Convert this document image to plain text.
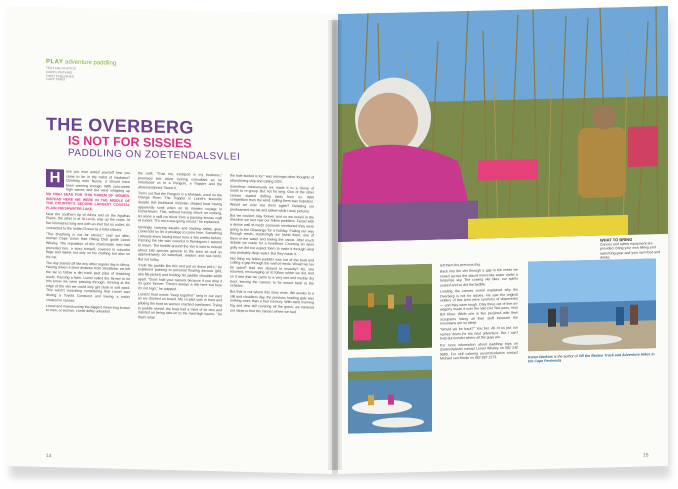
PLAY adventure paddling
TEXT AND PHOTOS
KAREN WATKINS
FIRST PUBLISHED
CAPE TIMES
THE OVERBERG
IS NOT FOR SISSIES
PADDLING ON ZOETENDALSVLEI
H	ave you ever asked yourself how you came to be in the midst of madness? Climbing onto Nyssa: it should have been warning enough. With zero-metre high waves and the wind whipping up

NO HIGH SEAS FOR THIS HAREM OF WOMEN. INSTEAD HERE WE WERE IN THE MIDDLE OF THE COUNTRY'S SECOND LARGEST COASTAL PLAIN FRESHWATER LAKE.

Near the southern tip of Africa and on the Agulhas Plains, the other is at St Lucia, way up the coast. At five kilometres long and with an inlet but no outlet, it's connected to the Indian Ocean by a tidal estuary.

"The Overberg is not for sissies," said our able-woman Cape Union Hart Hiking Club guide Lionel Whaley. The reputation of this charismatic man had preceded him, a story himself, covered in colourful flags and labels not only on his clothing but also on his car.

The day started off like any other regular day in Africa. Having driven a short distance from Struisbaai, we left the tar to follow a dirt track past piles of thatching reeds. Passing a farm, Lionel called the farmer to let him know we were passing through. Arriving at the edge of the vlei we could only get stuck in soft sand. This wasn't surprising considering that Lionel was driving a Toyota Conquest and towing a trailer covered in canoes.

Lionel and manoeuvring the biggest mean-hog known to man, or woman, Lionel deftly unloaded

the craft. "Trust me, transport is my business," promised this driver turning consultant as he introduced us to a Penguin, a Trapper and the aforementioned Titanic II.

Turns out that the Penguin is a Mohawk, used on the Orange River. The Trapper is Lionel's favourite despite this traditional Victorian shaped boat having apparently sunk when on its maiden voyage in Fisherhaven. This, without having struck an iceberg, let alone a spill ice block from a passing leisure craft at sunset. "It's not a sea-going vessel," he explained.

Smilingly carrying kayaks and loading safety gear, Lionel told us it's a privilege to come here. Something I already knew having been here a few weeks before. Passing the vlei was covered in flamingoes I wanted to return. The birdlife around the vlei is said to include about 180 species general to the area as well as approximately 20 waterfowl, waders and sea birds. But not today.

"Hold the paddle like this and put on these pfd's," he explained pointing to personal floating devices (pfd, aka life-jacket) and holding his paddle shoulder-width apart. "Don't hold your camera because if you drop it it's gone forever. There's always a risk here but here it's not high," he quipped.

Lionel's final words "keep together" rang in our ears as we climbed on board. My co-pilot was in front and piloting the boat as women crashed overboard. Trying to paddle ahead, the boat had a mind of its own and insisted on being side-on to the mad-high waves. "So that's what

the bale bucket is for," was amongst other thoughts of abandoning ship and calling SOS.

Somehow miraculously we made it to a clump of reeds to re-group. But not for long. One of the other canoes started drifting away from us. With competition from the wind, calling them was hopeless. Would we ever see them again? Debating our predicament we sat and talked while I took pictures.

But we couldn't stay forever and so we rowed in the direction we last saw our fellow paddlers. Faced with a dense wall of reeds someone mentioned they were going to the Okavango for a holiday. Pulling our way through reeds, surprisingly we found them, one of them in the water and towing the canoe. After much debate we made for a headland. Crossing an open gully we did not expect them to make it through what was probably deep water. But they made it.

Not thing my fellow paddler was out of the boat and cutting a gap through the wall of reeds. Would we too be spied? Had she strayed to insanity? No, she returned, encouraging us to follow, which we did. And so it was that we came to a very wet and muddy dry land, leaving the canoes to be towed back to the vehicles.

But that is not where this story ends. We awoke to a still and cloudless day, the previous howling gale was nothing more than a bad memory. With early morning fog and dew still covering all the grass, we retraced our steps to find the canoes where we had

14
WHAT TO BRING
Canoes and safety equipment are provided. Bring your own hiking and swimming gear and your own food and drinks.

left them the previous day.

Back into the vlei through a gap in the reeds we rowed across the placid mirror-like water under a turquoise sky. The cowing vlei lilies, our spirits soared and so did the birdlife.

Loading the canoes Lionel explained why the Overberg is not for sissies. He saw the original settlers of this area were survivors of shipwrecks — and they were tough. Only three out of five ox-wagons made it over the Van Der Stel pass, near Bot River. While one in five perished with their occupants losing all their stuff because the mountains are so steep.

"Would we be back?" You bet. All of us put our names down for his next adventure. But I can't help but wonder where all the guys are.

For more information about paddling trips on Zoetendalsvlei contact Lionel Whaley on 082 240 5885. For self catering accommodation contact Michael van Breda on 082 887 2273.	Karen Watkins is the author of Off the Beaten Track and Adventure Hikes in the Cape Peninsula
15
